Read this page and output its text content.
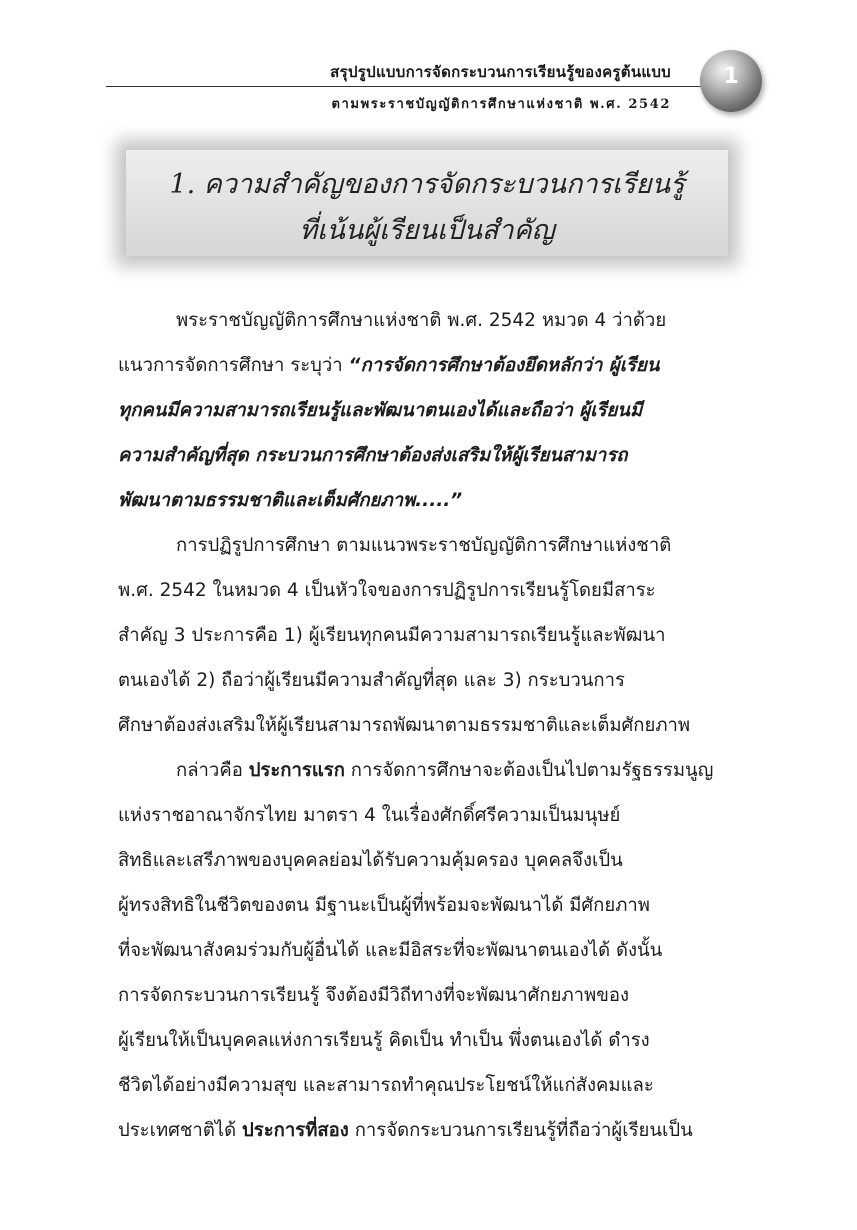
สรุปรูปแบบการจัดกระบวนการเรียนรู้ของครูต้นแบบ
ตามพระราชบัญญัติการศึกษาแห่งชาติ พ.ศ. 2542
1
1. ความสำคัญของการจัดกระบวนการเรียนรู้
ที่เน้นผู้เรียนเป็นสำคัญ
พระราชบัญญัติการศึกษาแห่งชาติ พ.ศ. 2542 หมวด 4 ว่าด้วย
แนวการจัดการศึกษา ระบุว่า “การจัดการศึกษาต้องยึดหลักว่า ผู้เรียน
ทุกคนมีความสามารถเรียนรู้และพัฒนาตนเองได้และถือว่า ผู้เรียนมี
ความสำคัญที่สุด กระบวนการศึกษาต้องส่งเสริมให้ผู้เรียนสามารถ
พัฒนาตามธรรมชาติและเต็มศักยภาพ.....”
การปฏิรูปการศึกษา ตามแนวพระราชบัญญัติการศึกษาแห่งชาติ
พ.ศ. 2542 ในหมวด 4 เป็นหัวใจของการปฏิรูปการเรียนรู้โดยมีสาระ
สำคัญ 3 ประการคือ 1) ผู้เรียนทุกคนมีความสามารถเรียนรู้และพัฒนา
ตนเองได้ 2) ถือว่าผู้เรียนมีความสำคัญที่สุด และ 3) กระบวนการ
ศึกษาต้องส่งเสริมให้ผู้เรียนสามารถพัฒนาตามธรรมชาติและเต็มศักยภาพ
กล่าวคือ ประการแรก การจัดการศึกษาจะต้องเป็นไปตามรัฐธรรมนูญ
แห่งราชอาณาจักรไทย มาตรา 4 ในเรื่องศักดิ์ศรีความเป็นมนุษย์
สิทธิและเสรีภาพของบุคคลย่อมได้รับความคุ้มครอง บุคคลจึงเป็น
ผู้ทรงสิทธิในชีวิตของตน มีฐานะเป็นผู้ที่พร้อมจะพัฒนาได้ มีศักยภาพ
ที่จะพัฒนาสังคมร่วมกับผู้อื่นได้ และมีอิสระที่จะพัฒนาตนเองได้ ดังนั้น
การจัดกระบวนการเรียนรู้ จึงต้องมีวิถีทางที่จะพัฒนาศักยภาพของ
ผู้เรียนให้เป็นบุคคลแห่งการเรียนรู้ คิดเป็น ทำเป็น พึ่งตนเองได้ ดำรง
ชีวิตได้อย่างมีความสุข และสามารถทำคุณประโยชน์ให้แก่สังคมและ
ประเทศชาติได้ ประการที่สอง การจัดกระบวนการเรียนรู้ที่ถือว่าผู้เรียนเป็น
